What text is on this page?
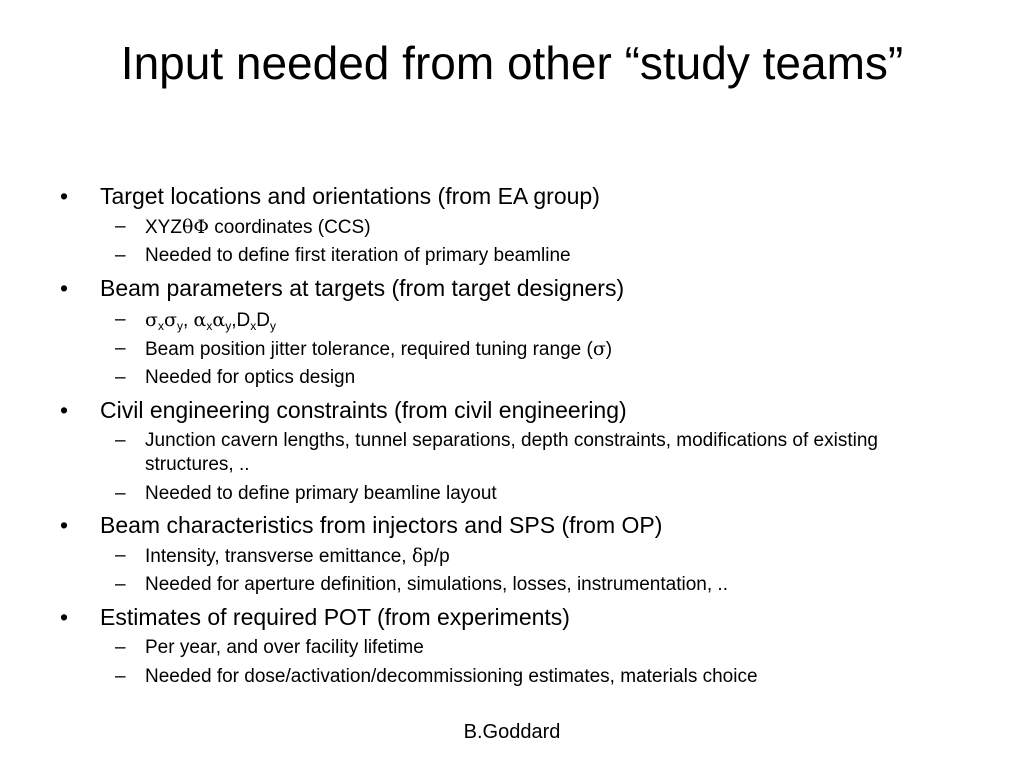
Input needed from other “study teams”
• Target locations and orientations (from EA group)
– XYZθΦ coordinates (CCS)
– Needed to define first iteration of primary beamline
• Beam parameters at targets (from target designers)
– $\sigma_x\sigma_y$, $\alpha_x\alpha_y,D_xD_y$
– Beam position jitter tolerance, required tuning range (σ)
– Needed for optics design
• Civil engineering constraints (from civil engineering)
– Junction cavern lengths, tunnel separations, depth constraints, modifications of existing structures, ..
– Needed to define primary beamline layout
• Beam characteristics from injectors and SPS (from OP)
– Intensity, transverse emittance, δp/p
– Needed for aperture definition, simulations, losses, instrumentation, ..
• Estimates of required POT (from experiments)
– Per year, and over facility lifetime
– Needed for dose/activation/decommissioning estimates, materials choice
B.Goddard
